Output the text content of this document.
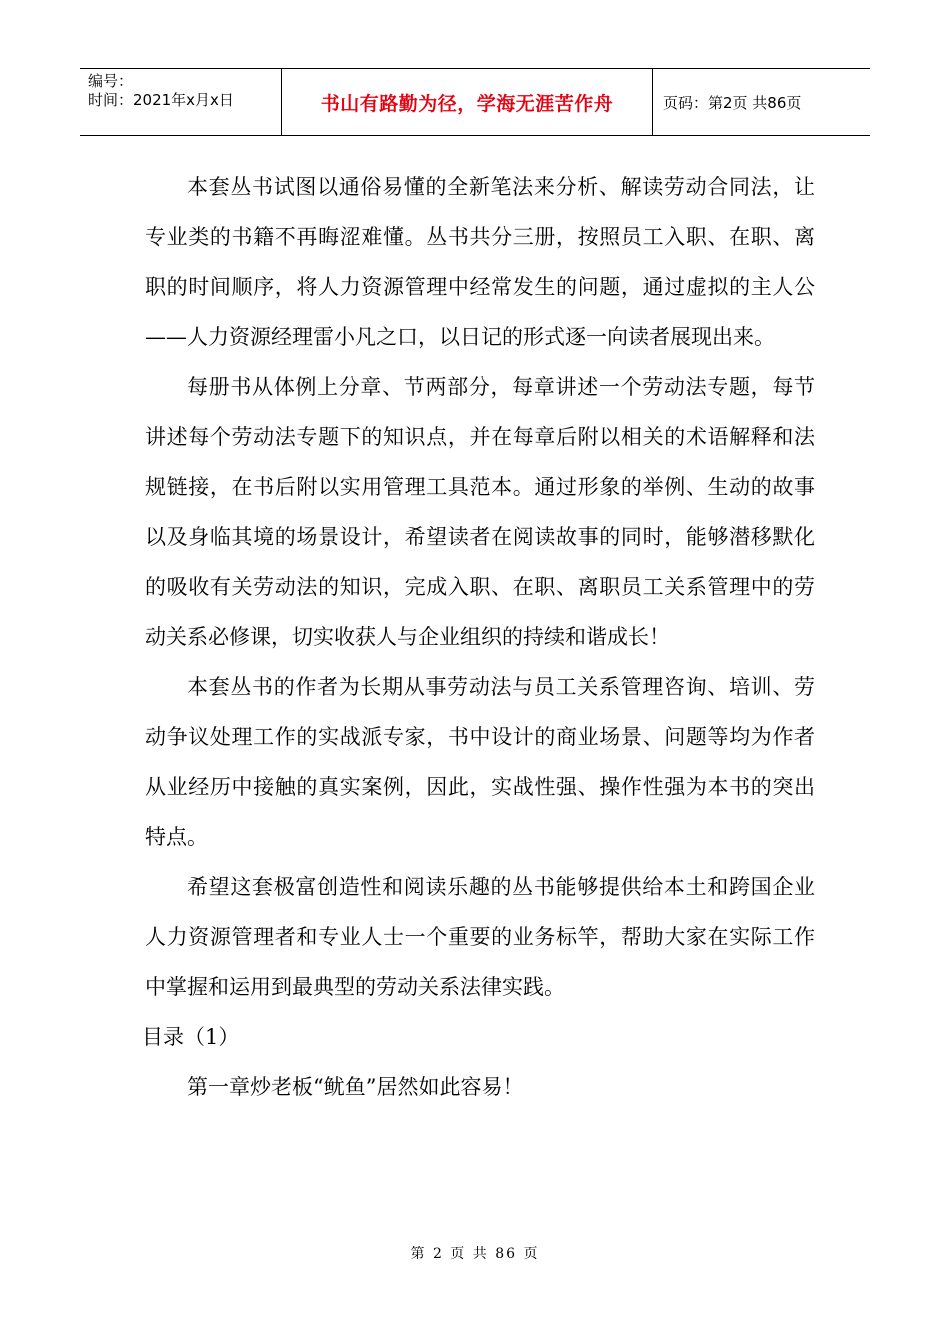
编号：
时间：2021年x月x日	书山有路勤为径，学海无涯苦作舟	页码：第2页 共86页

本套丛书试图以通俗易懂的全新笔法来分析、解读劳动合同法，让专业类的书籍不再晦涩难懂。丛书共分三册，按照员工入职、在职、离职的时间顺序，将人力资源管理中经常发生的问题，通过虚拟的主人公——人力资源经理雷小凡之口，以日记的形式逐一向读者展现出来。

每册书从体例上分章、节两部分，每章讲述一个劳动法专题，每节讲述每个劳动法专题下的知识点，并在每章后附以相关的术语解释和法规链接，在书后附以实用管理工具范本。通过形象的举例、生动的故事以及身临其境的场景设计，希望读者在阅读故事的同时，能够潜移默化的吸收有关劳动法的知识，完成入职、在职、离职员工关系管理中的劳动关系必修课，切实收获人与企业组织的持续和谐成长！

本套丛书的作者为长期从事劳动法与员工关系管理咨询、培训、劳动争议处理工作的实战派专家，书中设计的商业场景、问题等均为作者从业经历中接触的真实案例，因此，实战性强、操作性强为本书的突出特点。

希望这套极富创造性和阅读乐趣的丛书能够提供给本土和跨国企业人力资源管理者和专业人士一个重要的业务标竿，帮助大家在实际工作中掌握和运用到最典型的劳动关系法律实践。

目录（1）

第一章炒老板“鱿鱼”居然如此容易！

第 2 页 共 86 页
